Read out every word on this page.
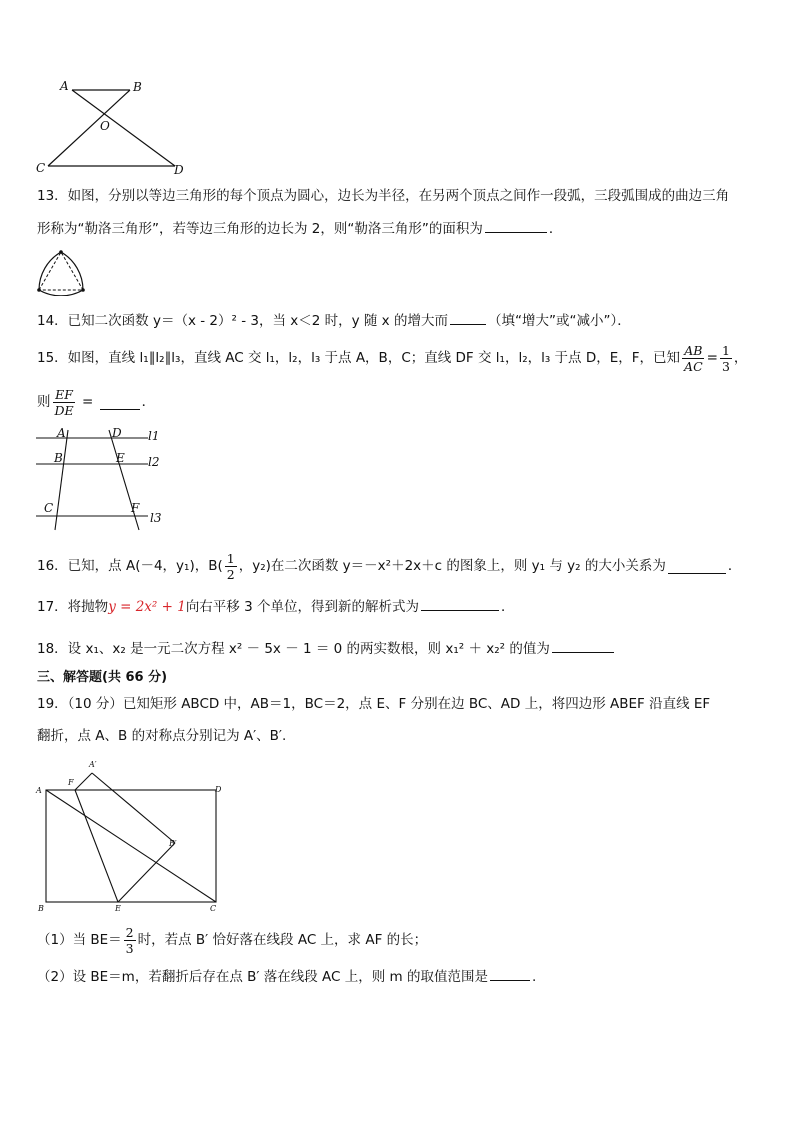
A	B
O
C	D
13．如图，分别以等边三角形的每个顶点为圆心，边长为半径，在另两个顶点之间作一段弧，三段弧围成的曲边三角
形称为“勒洛三角形”，若等边三角形的边长为 2，则“勒洛三角形”的面积为	．
14．已知二次函数 y＝（x - 2）² - 3，当 x＜2 时，y 随 x 的增大而	（填“增大”或“减小”）．
15．如图，直线 l₁∥l₂∥l₃，直线 AC 交 l₁，l₂，l₃ 于点 A，B，C；直线 DF 交 l₁，l₂，l₃ 于点 D，E，F，已知 $\frac{AB}{AC} = \frac{1}{3}$ ，
则 $\frac{EF}{DE}$ =	．
A	D l1
B	E l2
C	F
l3
16．已知，点 A(－4，y₁)，$B( \frac{1}{2}$ ，y₂)在二次函数 y＝－x²＋2x＋c 的图象上，则 y₁ 与 y₂ 的大小关系为	．
17．将抛物y = 2x² + 1向右平移 3 个单位，得到新的解析式为	．
18．设 x₁、x₂ 是一元二次方程 x² － 5x － 1 ＝ 0 的两实数根，则 x₁² ＋ x₂² 的值为
三、解答题(共 66 分)
19．（10 分）已知矩形 ABCD 中，AB＝1，BC＝2，点 E、F 分别在边 BC、AD 上，将四边形 ABEF 沿直线 EF
翻折，点 A、B 的对称点分别记为 A′、B′.
A
F
A′
D
B′
B	E	C
（1）当 $BE= \frac{2}{3}$ 时，若点 B′ 恰好落在线段 AC 上，求 AF 的长；
（2）设 BE＝m，若翻折后存在点 B′ 落在线段 AC 上，则 m 的取值范围是	.
